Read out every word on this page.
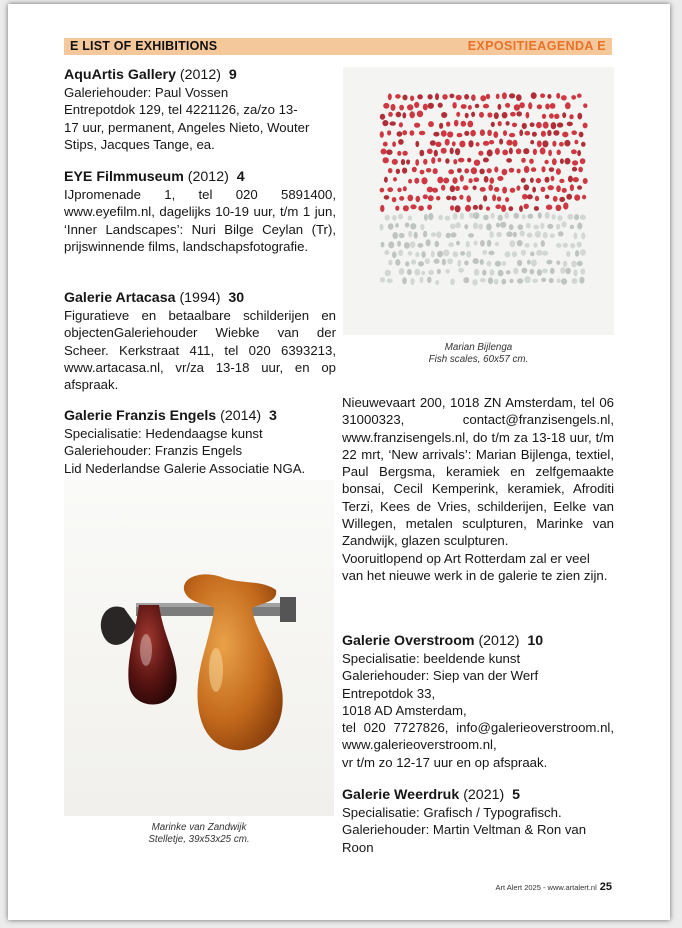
E LIST OF EXHIBITIONS	EXPOSITIEAGENDA E

AquArtis Gallery (2012) 9

Galeriehouder: Paul Vossen

Entrepotdok 129, tel 4221126, za/zo 13-

17 uur, permanent, Angeles Nieto, Wouter

Stips, Jacques Tange, ea.

EYE Filmmuseum (2012) 4

IJpromenade 1, tel 020 5891400, www.eyefilm.nl, dagelijks 10-19 uur, t/m 1 jun, ‘Inner Landscapes’: Nuri Bilge Ceylan (Tr), prijswinnende films, landschapsfotografie.

Galerie Artacasa (1994) 30

Figuratieve en betaalbare schilderijen en objectenGaleriehouder Wiebke van der Scheer. Kerkstraat 411, tel 020 6393213, www.artacasa.nl, vr/za 13-18 uur, en op afspraak.

Galerie Franzis Engels (2014) 3

Specialisatie: Hedendaagse kunst

Galeriehouder: Franzis Engels

Lid Nederlandse Galerie Associatie NGA.

Marinke van Zandwijk
Stelletje, 39x53x25 cm.
Marian Bijlenga
Fish scales, 60x57 cm.

Nieuwevaart 200, 1018 ZN Amsterdam, tel 06 31000323, contact@franzisengels.nl, www.franzisengels.nl, do t/m za 13-18 uur, t/m 22 mrt, ‘New arrivals’: Marian Bijlenga, textiel, Paul Bergsma, keramiek en zelfgemaakte bonsai, Cecil Kemperink, keramiek, Afroditi Terzi, Kees de Vries, schilderijen, Eelke van Willegen, metalen sculpturen, Marinke van Zandwijk, glazen sculpturen.

Vooruitlopend op Art Rotterdam zal er veel van het nieuwe werk in de galerie te zien zijn.

Galerie Overstroom (2012) 10

Specialisatie: beeldende kunst

Galeriehouder: Siep van der Werf

Entrepotdok 33,

1018 AD Amsterdam,

tel 020 7727826, info@galerieoverstroom.nl, www.galerieoverstroom.nl,

vr t/m zo 12-17 uur en op afspraak.

Galerie Weerdruk (2021) 5

Specialisatie: Grafisch / Typografisch.

Galeriehouder: Martin Veltman & Ron van Roon

Art Alert 2025 - www.artalert.nl 25
